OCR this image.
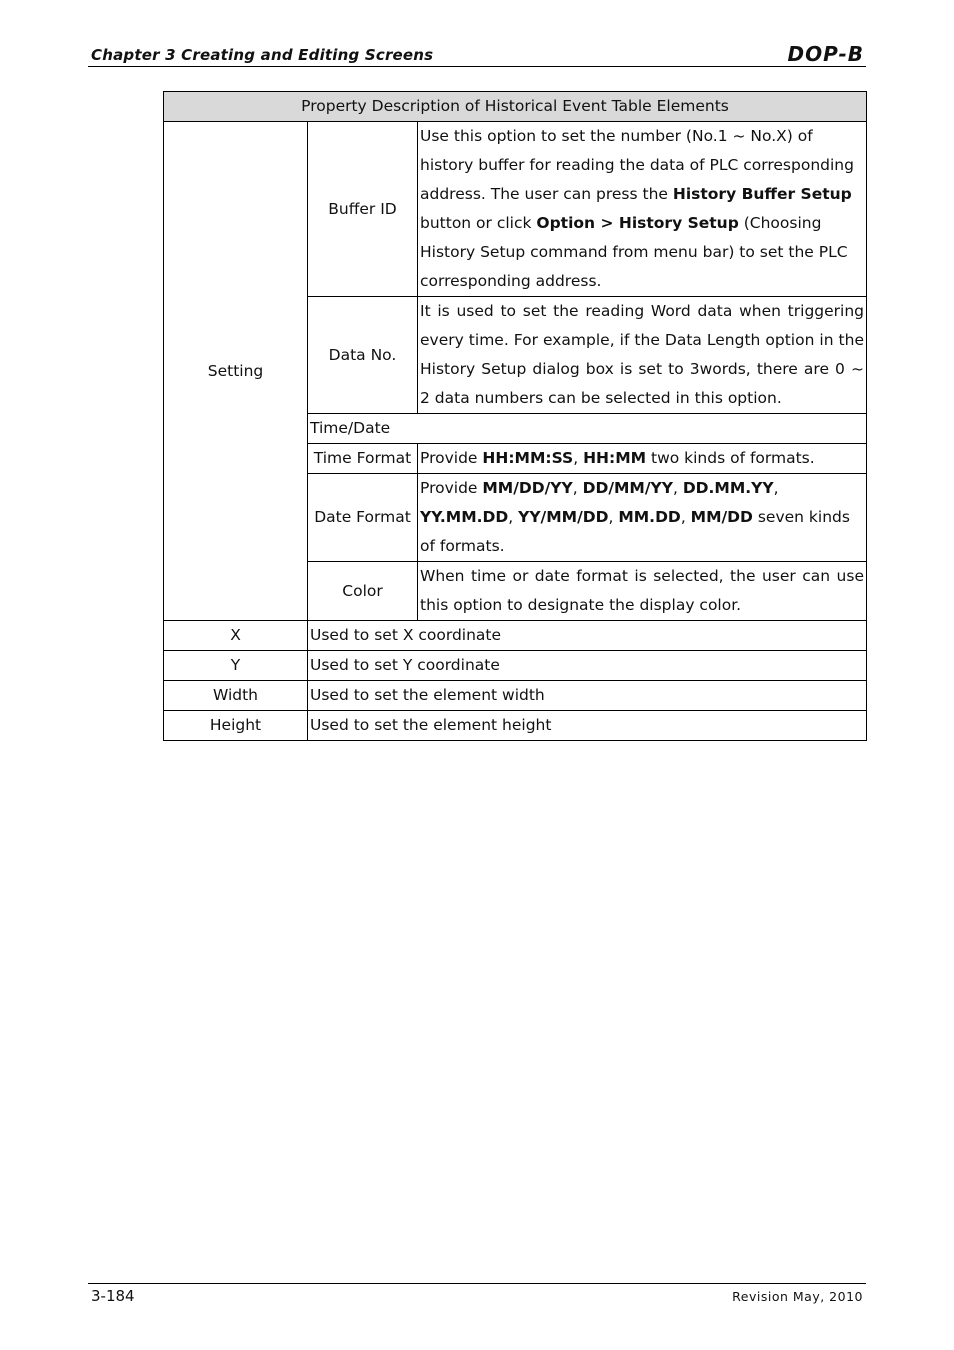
Chapter 3 Creating and Editing Screens	DOP-B
Property Description of Historical Event Table Elements		
Setting	Buffer ID	Use this option to set the number (No.1 ~ No.X) of history buffer for reading the data of PLC corresponding address. The user can press the History Buffer Setup button or click Option > History Setup (Choosing History Setup command from menu bar) to set the PLC corresponding address.
	Data No.	It is used to set the reading Word data when triggering every time. For example, if the Data Length option in the History Setup dialog box is set to 3words, there are 0 ~ 2 data numbers can be selected in this option.
	Time/Date	
	Time Format	Provide HH:MM:SS, HH:MM two kinds of formats.
	Date Format	Provide MM/DD/YY, DD/MM/YY, DD.MM.YY, YY.MM.DD, YY/MM/DD, MM.DD, MM/DD seven kinds of formats.
	Color	When time or date format is selected, the user can use this option to designate the display color.
X	Used to set X coordinate	
Y	Used to set Y coordinate	
Width	Used to set the element width	
Height	Used to set the element height	
3-184	Revision May, 2010
